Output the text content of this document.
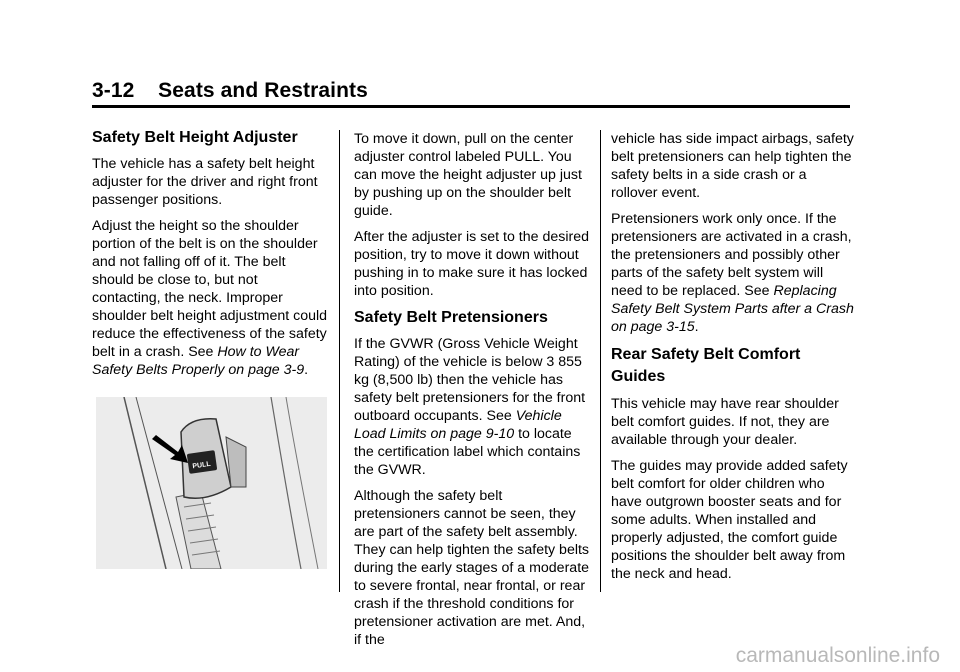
3-12    Seats and Restraints
Safety Belt Height Adjuster

The vehicle has a safety belt height adjuster for the driver and right front passenger positions.

Adjust the height so the shoulder portion of the belt is on the shoulder and not falling off of it. The belt should be close to, but not contacting, the neck. Improper shoulder belt height adjustment could reduce the effectiveness of the safety belt in a crash. See How to Wear Safety Belts Properly on page 3-9.

PULL

To move it down, pull on the center adjuster control labeled PULL. You can move the height adjuster up just by pushing up on the shoulder belt guide.

After the adjuster is set to the desired position, try to move it down without pushing in to make sure it has locked into position.

Safety Belt Pretensioners

If the GVWR (Gross Vehicle Weight Rating) of the vehicle is below 3 855 kg (8,500 lb) then the vehicle has safety belt pretensioners for the front outboard occupants. See Vehicle Load Limits on page 9-10 to locate the certification label which contains the GVWR.

Although the safety belt pretensioners cannot be seen, they are part of the safety belt assembly. They can help tighten the safety belts during the early stages of a moderate to severe frontal, near frontal, or rear crash if the threshold conditions for pretensioner activation are met. And, if the

vehicle has side impact airbags, safety belt pretensioners can help tighten the safety belts in a side crash or a rollover event.

Pretensioners work only once. If the pretensioners are activated in a crash, the pretensioners and possibly other parts of the safety belt system will need to be replaced. See Replacing Safety Belt System Parts after a Crash on page 3-15.

Rear Safety Belt Comfort Guides

This vehicle may have rear shoulder belt comfort guides. If not, they are available through your dealer.

The guides may provide added safety belt comfort for older children who have outgrown booster seats and for some adults. When installed and properly adjusted, the comfort guide positions the shoulder belt away from the neck and head.

carmanualsonline.info
